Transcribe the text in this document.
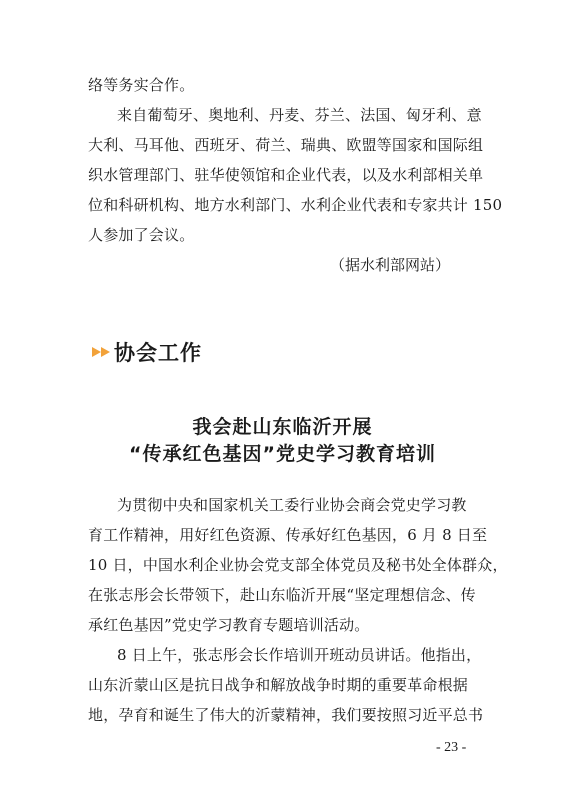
络等务实合作。
来自葡萄牙、奥地利、丹麦、芬兰、法国、匈牙利、意
大利、马耳他、西班牙、荷兰、瑞典、欧盟等国家和国际组
织水管理部门、驻华使领馆和企业代表，以及水利部相关单
位和科研机构、地方水利部门、水利企业代表和专家共计 150
人参加了会议。
（据水利部网站）
协会工作
我会赴山东临沂开展
“传承红色基因”党史学习教育培训
为贯彻中央和国家机关工委行业协会商会党史学习教
育工作精神，用好红色资源、传承好红色基因，6 月 8 日至
10 日，中国水利企业协会党支部全体党员及秘书处全体群众，
在张志彤会长带领下，赴山东临沂开展“坚定理想信念、传
承红色基因”党史学习教育专题培训活动。
8 日上午，张志彤会长作培训开班动员讲话。他指出，
山东沂蒙山区是抗日战争和解放战争时期的重要革命根据
地，孕育和诞生了伟大的沂蒙精神，我们要按照习近平总书
- 23 -
